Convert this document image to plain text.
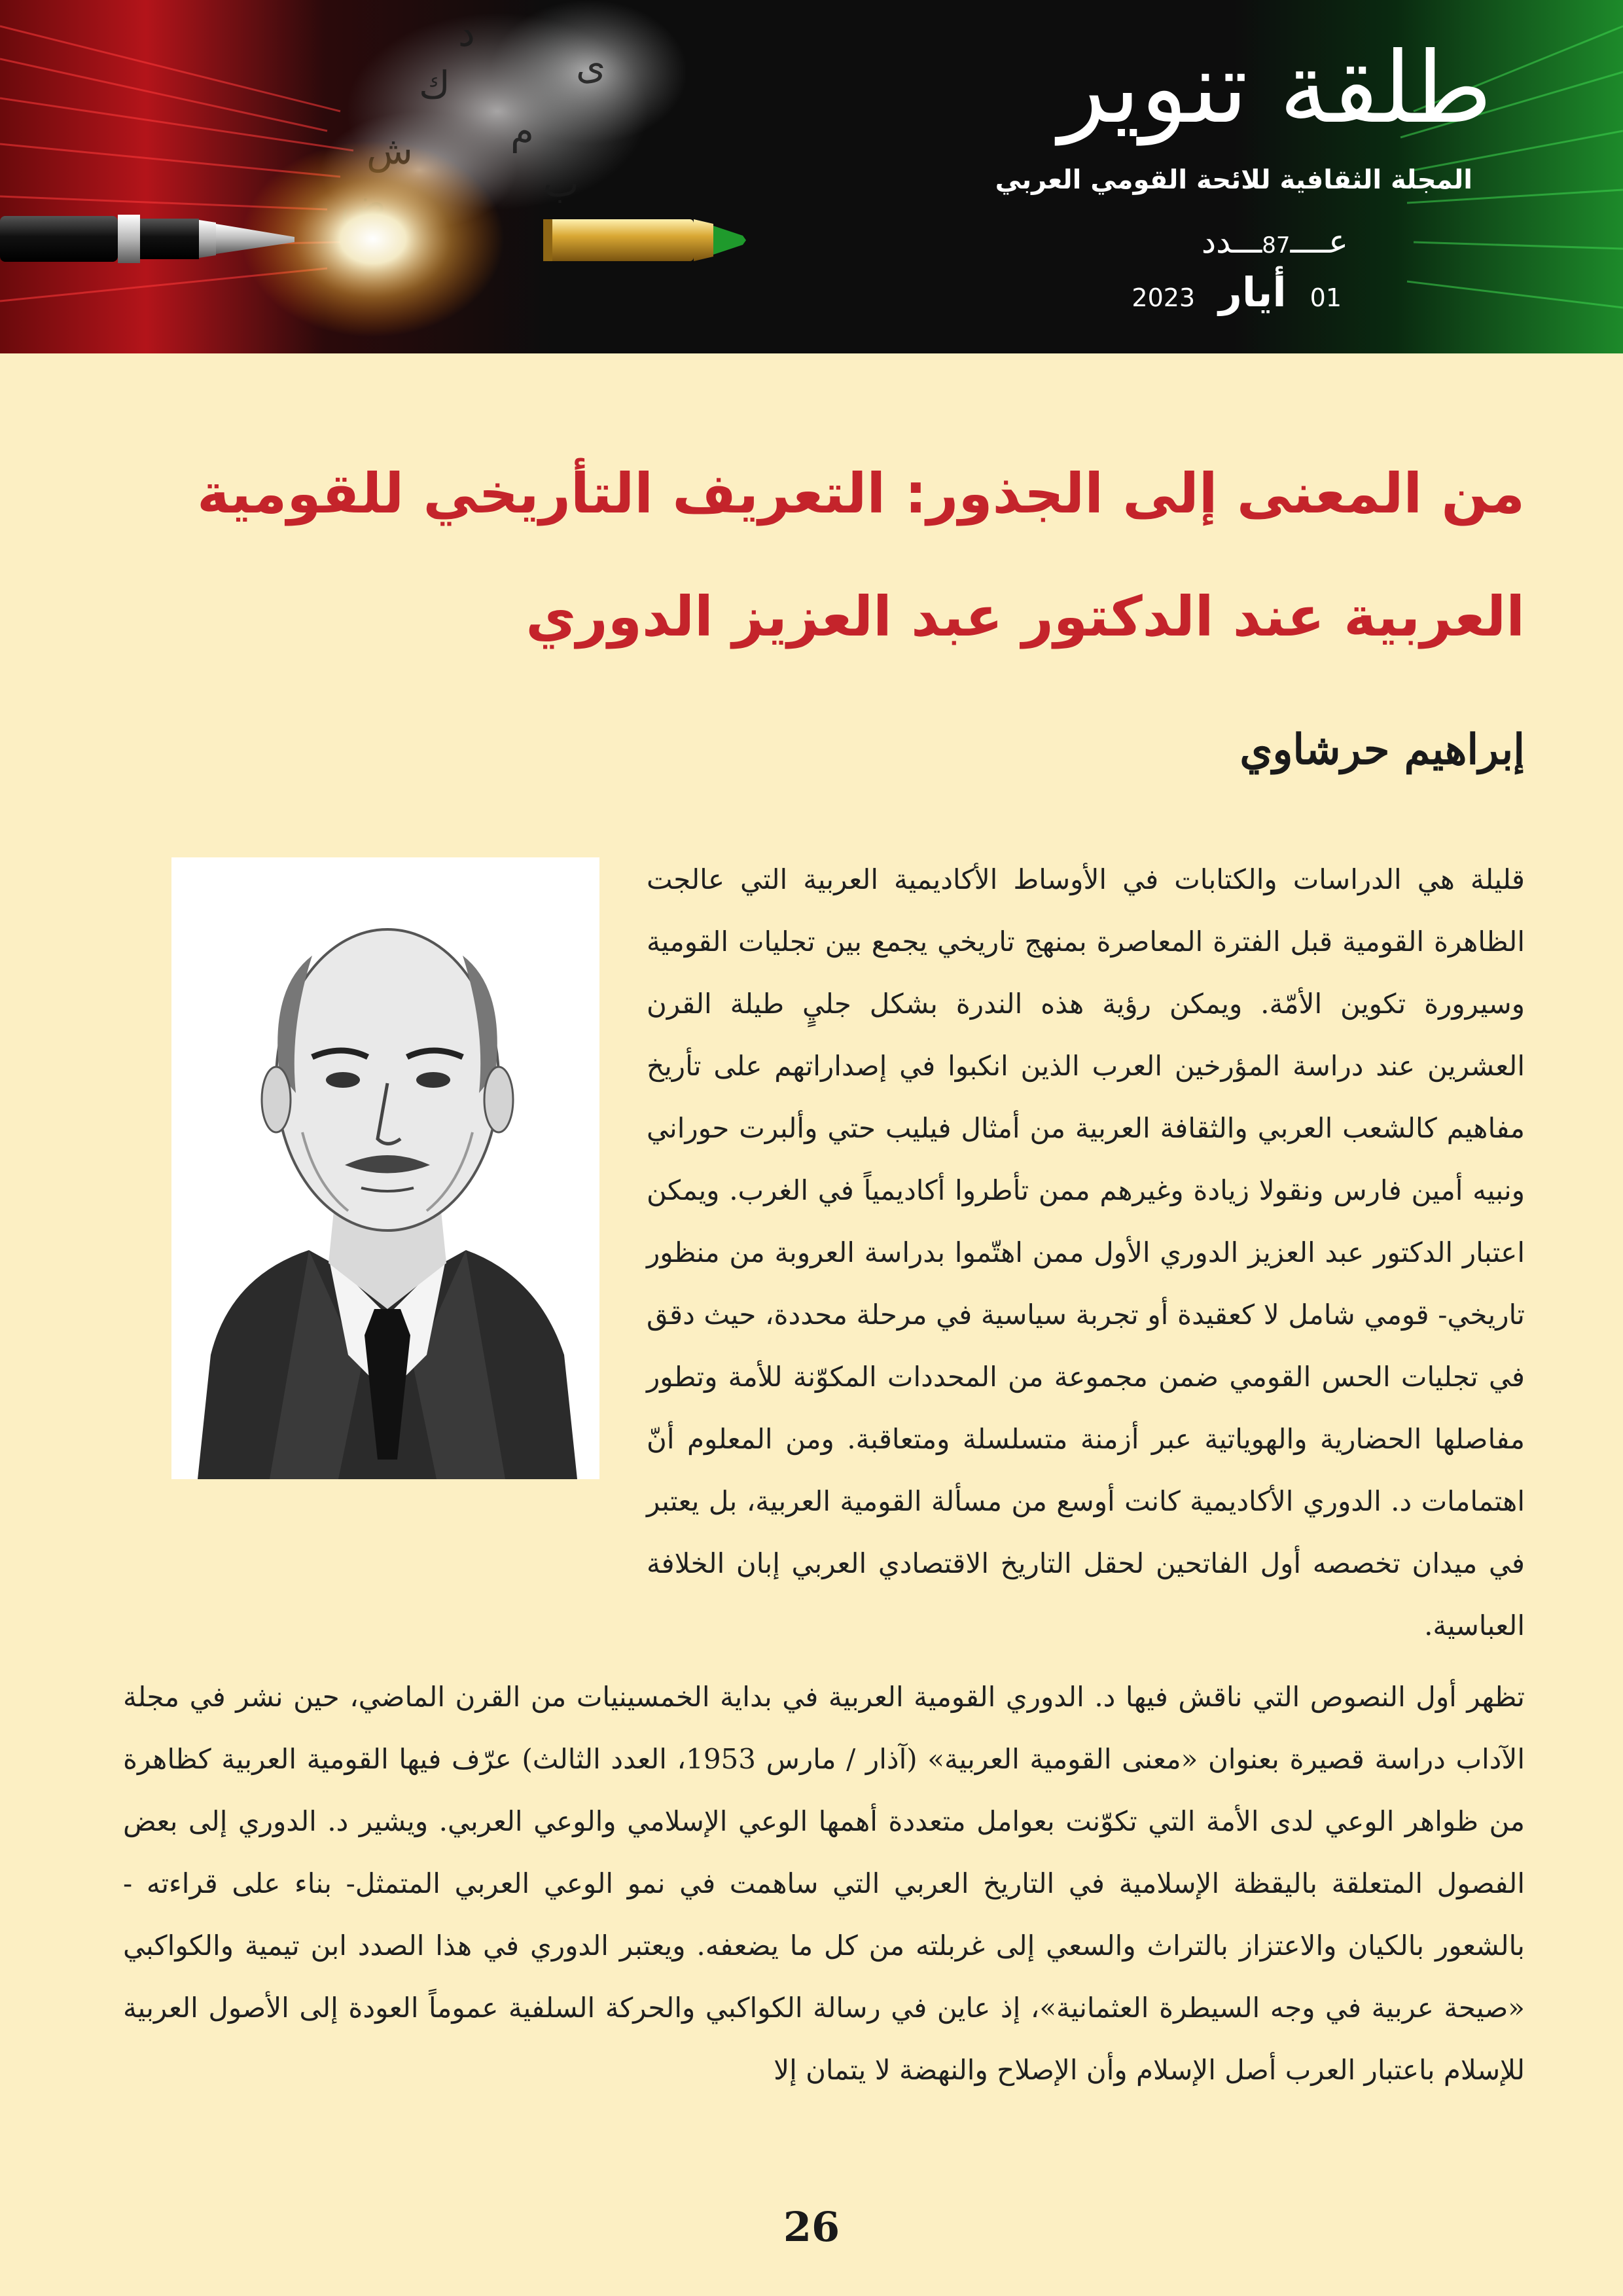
ى
د
م
ك
ب
طلقة تنوير
المجلة الثقافية للائحة القومي العربي
عــــ
87
ـــدد
01
أيار
2023
من المعنى إلى الجذور: التعريف التأريخي للقومية
العربية عند الدكتور عبد العزيز الدوري
إبراهيم حرشاوي

قليلة هي الدراسات والكتابات في الأوساط الأكاديمية العربية التي عالجت الظاهرة القومية قبل الفترة المعاصرة بمنهج تاريخي يجمع بين تجليات القومية وسيرورة تكوين الأمّة. ويمكن رؤية هذه الندرة بشكل جليٍ طيلة القرن العشرين عند دراسة المؤرخين العرب الذين انكبوا في إصداراتهم على تأريخ مفاهيم كالشعب العربي والثقافة العربية من أمثال فيليب حتي وألبرت حوراني ونبيه أمين فارس ونقولا زيادة وغيرهم ممن تأطروا أكاديمياً في الغرب. ويمكن اعتبار الدكتور عبد العزيز الدوري الأول ممن اهتّموا بدراسة العروبة من منظور تاريخي- قومي شامل لا كعقيدة أو تجربة سياسية في مرحلة محددة، حيث دقق في تجليات الحس القومي ضمن مجموعة من المحددات المكوّنة للأمة وتطور مفاصلها الحضارية والهوياتية عبر أزمنة متسلسلة ومتعاقبة. ومن المعلوم أنّ اهتمامات د. الدوري الأكاديمية كانت أوسع من مسألة القومية العربية، بل يعتبر في ميدان تخصصه أول الفاتحين لحقل التاريخ الاقتصادي العربي إبان الخلافة العباسية.

تظهر أول النصوص التي ناقش فيها د. الدوري القومية العربية في بداية الخمسينيات من القرن الماضي، حين نشر في مجلة الآداب دراسة قصيرة بعنوان «معنى القومية العربية» (آذار / مارس 1953، العدد الثالث) عرّف فيها القومية العربية كظاهرة من ظواهر الوعي لدى الأمة التي تكوّنت بعوامل متعددة أهمها الوعي الإسلامي والوعي العربي. ويشير د. الدوري إلى بعض الفصول المتعلقة باليقظة الإسلامية في التاريخ العربي التي ساهمت في نمو الوعي العربي المتمثل- بناء على قراءته - بالشعور بالكيان والاعتزاز بالتراث والسعي إلى غربلته من كل ما يضعفه. ويعتبر الدوري في هذا الصدد ابن تيمية والكواكبي «صيحة عربية في وجه السيطرة العثمانية»، إذ عاين في رسالة الكواكبي والحركة السلفية عموماً العودة إلى الأصول العربية للإسلام باعتبار العرب أصل الإسلام وأن الإصلاح والنهضة لا يتمان إلا

26
